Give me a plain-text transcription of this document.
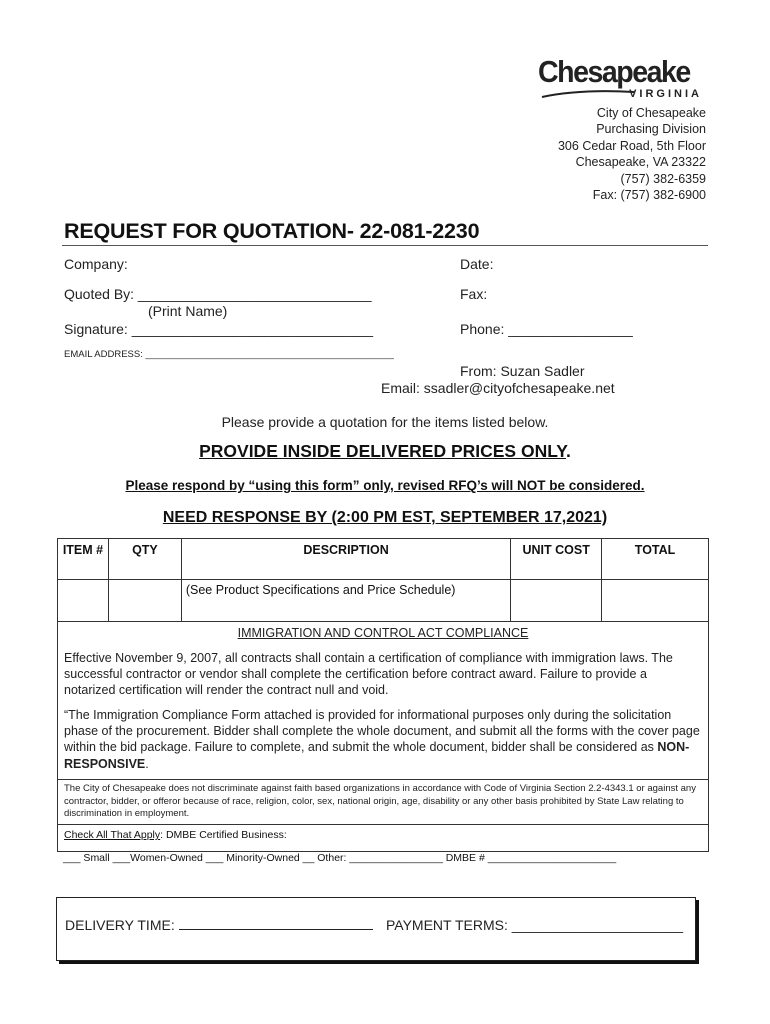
Chesapeake
VIRGINIA
City of Chesapeake
Purchasing Division
306 Cedar Road, 5th Floor
Chesapeake, VA 23322
(757) 382-6359
Fax: (757) 382-6900
REQUEST FOR QUOTATION- 22-081-2230
Company:	Date:
Quoted By: ______________________________	Fax:
(Print Name)
Signature: _______________________________	Phone: ________________
EMAIL ADDRESS: _______________________________________________
From: Suzan Sadler
Email: ssadler@cityofchesapeake.net
Please provide a quotation for the items listed below.
PROVIDE INSIDE DELIVERED PRICES ONLY.
Please respond by “using this form” only, revised RFQ’s will NOT be considered.
NEED RESPONSE BY (2:00 PM EST, SEPTEMBER 17,2021)
ITEM #	QTY	DESCRIPTION	UNIT COST	TOTAL
		(See Product Specifications and Price Schedule)		
IMMIGRATION AND CONTROL ACT COMPLIANCE
Effective November 9, 2007, all contracts shall contain a certification of compliance with immigration laws. The successful contractor or vendor shall complete the certification before contract award. Failure to provide a notarized certification will render the contract null and void.
“The Immigration Compliance Form attached is provided for informational purposes only during the solicitation phase of the procurement. Bidder shall complete the whole document, and submit all the forms with the cover page within the bid package. Failure to complete, and submit the whole document, bidder shall be considered as NON-RESPONSIVE.
The City of Chesapeake does not discriminate against faith based organizations in accordance with Code of Virginia Section 2.2-4343.1 or against any contractor, bidder, or offeror because of race, religion, color, sex, national origin, age, disability or any other basis prohibited by State Law relating to discrimination in employment.
Check All That Apply: DMBE Certified Business:
___ Small ___Women-Owned ___ Minority-Owned __ Other: ________________ DMBE # ______________________
DELIVERY TIME:	PAYMENT TERMS: ______________________
